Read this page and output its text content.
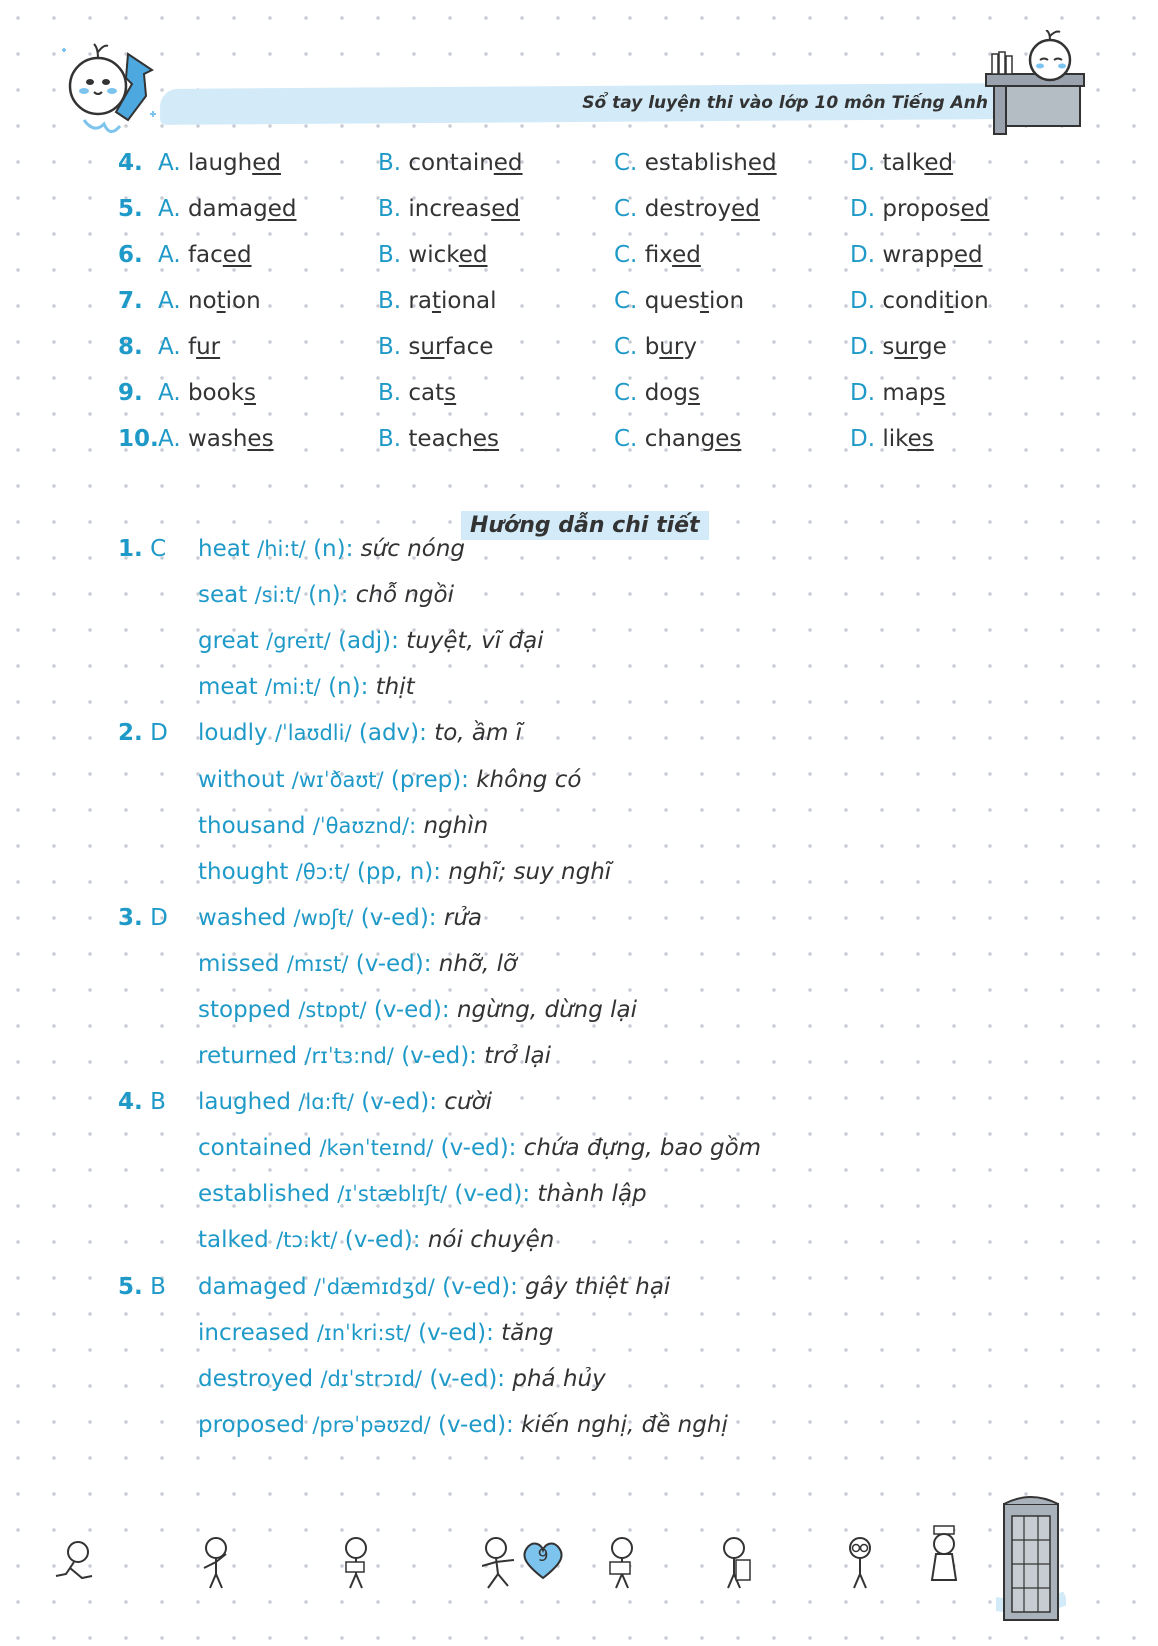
Sổ tay luyện thi vào lớp 10 môn Tiếng Anh
4. A. laughed	B. contained	C. established	D. talked
5. A. damaged	B. increased	C. destroyed	D. proposed
6. A. faced	B. wicked	C. fixed	D. wrapped
7. A. notion	B. rational	C. question	D. condition
8. A. fur	B. surface	C. bury	D. surge
9. A. books	B. cats	C. dogs	D. maps
10. A. washes	B. teaches	C. changes	D. likes
Hướng dẫn chi tiết
1. C heat /hi:t/ (n): sức nóng
seat /si:t/ (n): chỗ ngồi
great /greɪt/ (adj): tuyệt, vĩ đại
meat /mi:t/ (n): thịt
2. D loudly /ˈlaʊdli/ (adv): to, ầm ĩ
without /wɪˈðaʊt/ (prep): không có
thousand /ˈθaʊznd/: nghìn
thought /θɔ:t/ (pp, n): nghĩ; suy nghĩ
3. D washed /wɒʃt/ (v-ed): rửa
missed /mɪst/ (v-ed): nhỡ, lỡ
stopped /stɒpt/ (v-ed): ngừng, dừng lại
returned /rɪˈtɜ:nd/ (v-ed): trở lại
4. B laughed /lɑ:ft/ (v-ed): cười
contained /kənˈteɪnd/ (v-ed): chứa đựng, bao gồm
established /ɪˈstæblɪʃt/ (v-ed): thành lập
talked /tɔ:kt/ (v-ed): nói chuyện
5. B damaged /ˈdæmɪdʒd/ (v-ed): gây thiệt hại
increased /ɪnˈkri:st/ (v-ed): tăng
destroyed /dɪˈstrɔɪd/ (v-ed): phá hủy
proposed /prəˈpəʊzd/ (v-ed): kiến nghị, đề nghị
9
